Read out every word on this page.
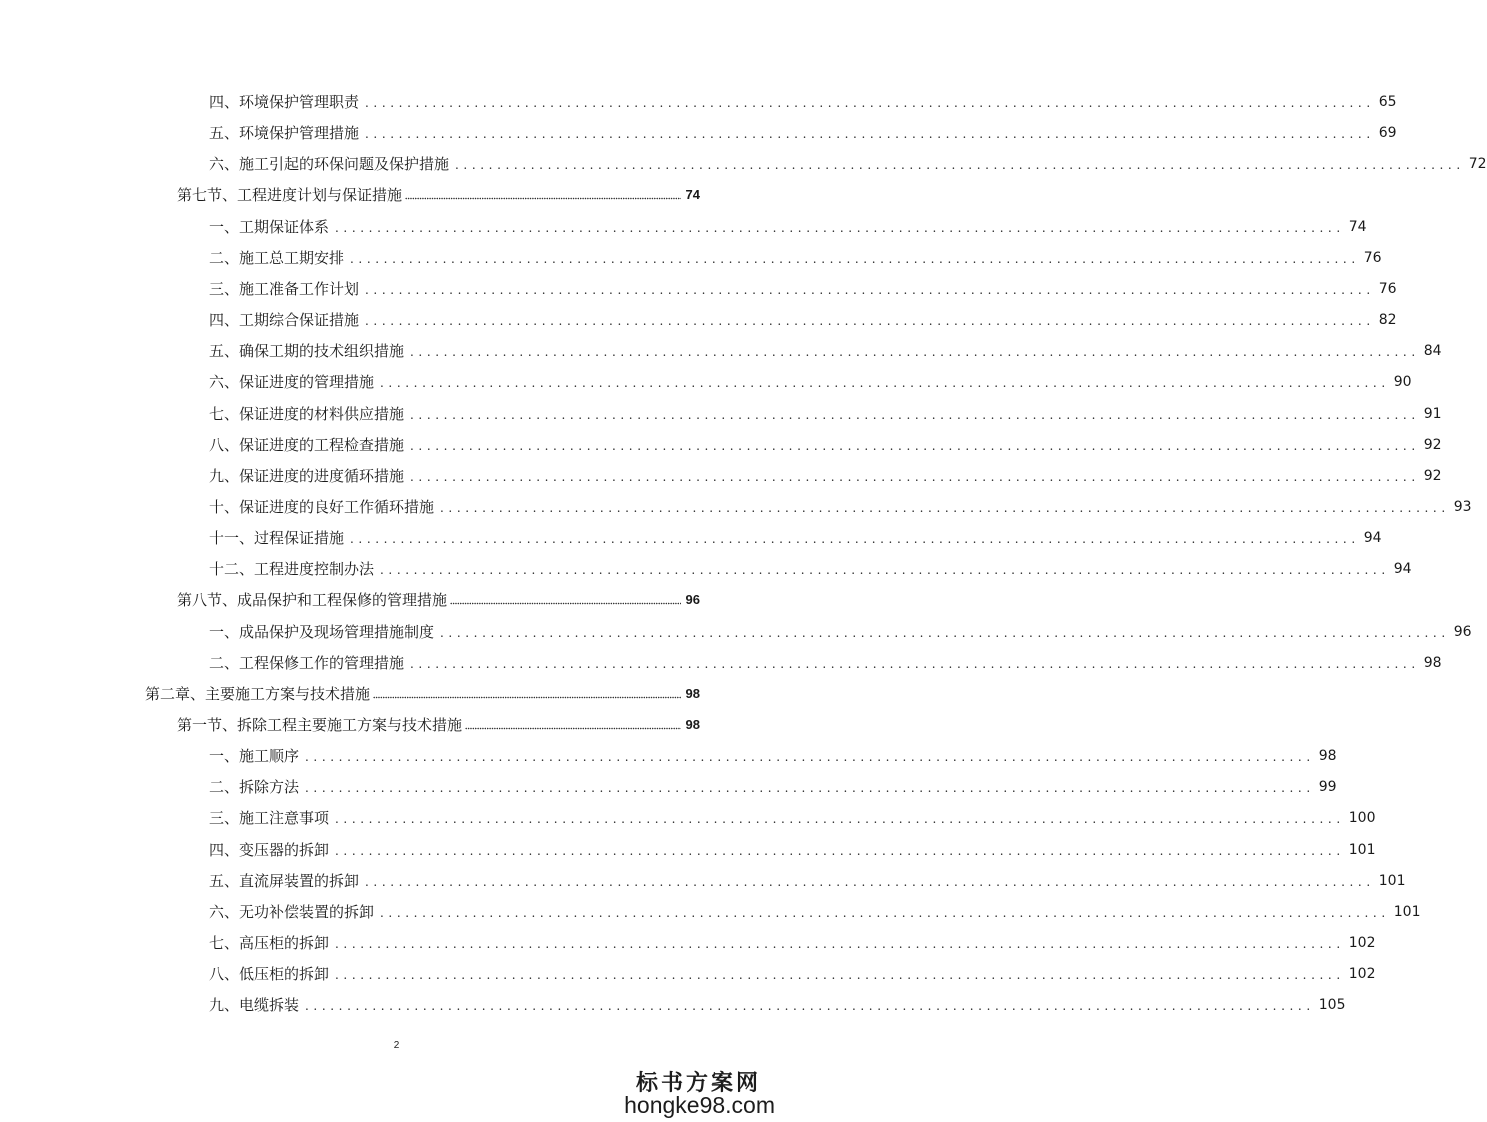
四、环境保护管理职责 ........................................................................................................................ 65
五、环境保护管理措施 ........................................................................................................................ 69
六、施工引起的环保问题及保护措施 ........................................................................................................................ 72
第七节、工程进度计划与保证措施	74
一、工期保证体系 ........................................................................................................................ 74
二、施工总工期安排 ........................................................................................................................ 76
三、施工准备工作计划 ........................................................................................................................ 76
四、工期综合保证措施 ........................................................................................................................ 82
五、确保工期的技术组织措施 ........................................................................................................................ 84
六、保证进度的管理措施 ........................................................................................................................ 90
七、保证进度的材料供应措施 ........................................................................................................................ 91
八、保证进度的工程检查措施 ........................................................................................................................ 92
九、保证进度的进度循环措施 ........................................................................................................................ 92
十、保证进度的良好工作循环措施 ........................................................................................................................ 93
十一、过程保证措施 ........................................................................................................................ 94
十二、工程进度控制办法 ........................................................................................................................ 94
第八节、成品保护和工程保修的管理措施	96
一、成品保护及现场管理措施制度 ........................................................................................................................ 96
二、工程保修工作的管理措施 ........................................................................................................................ 98
第二章、主要施工方案与技术措施	98
第一节、拆除工程主要施工方案与技术措施	98
一、施工顺序 ........................................................................................................................ 98
二、拆除方法 ........................................................................................................................ 99
三、施工注意事项 ........................................................................................................................ 100
四、变压器的拆卸 ........................................................................................................................ 101
五、直流屏装置的拆卸 ........................................................................................................................ 101
六、无功补偿装置的拆卸 ........................................................................................................................ 101
七、高压柜的拆卸 ........................................................................................................................ 102
八、低压柜的拆卸 ........................................................................................................................ 102
九、电缆拆装 ........................................................................................................................ 105
2
标书方案网
hongke98.com
